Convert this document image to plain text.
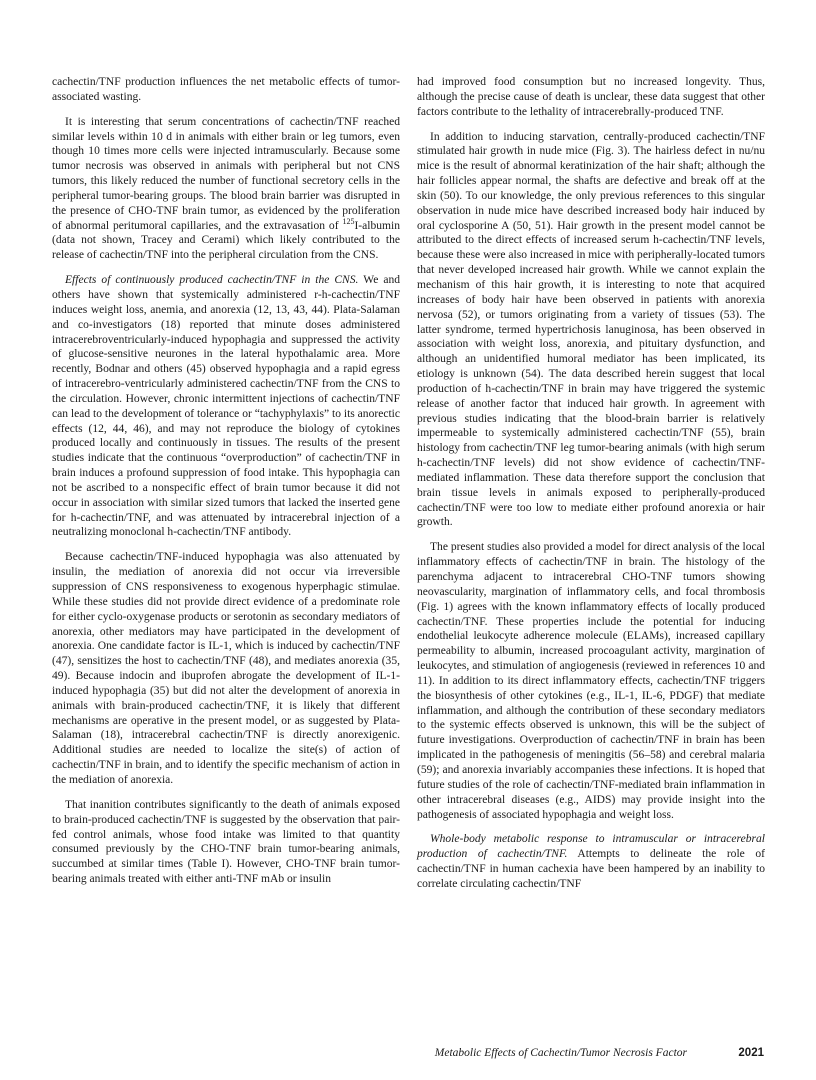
cachectin/TNF production influences the net metabolic effects of tumor-associated wasting.

It is interesting that serum concentrations of cachectin/TNF reached similar levels within 10 d in animals with either brain or leg tumors, even though 10 times more cells were injected intramuscularly. Because some tumor necrosis was observed in animals with peripheral but not CNS tumors, this likely reduced the number of functional secretory cells in the peripheral tumor-bearing groups. The blood brain barrier was disrupted in the presence of CHO-TNF brain tumor, as evidenced by the proliferation of abnormal peritumoral capillaries, and the extravasation of $^{125}$I-albumin (data not shown, Tracey and Cerami) which likely contributed to the release of cachectin/TNF into the peripheral circulation from the CNS.

Effects of continuously produced cachectin/TNF in the CNS. We and others have shown that systemically administered r-h-cachectin/TNF induces weight loss, anemia, and anorexia (12, 13, 43, 44). Plata-Salaman and co-investigators (18) reported that minute doses administered intracerebroventricularly-induced hypophagia and suppressed the activity of glucose-sensitive neurones in the lateral hypothalamic area. More recently, Bodnar and others (45) observed hypophagia and a rapid egress of intracerebro-ventricularly administered cachectin/TNF from the CNS to the circulation. However, chronic intermittent injections of cachectin/TNF can lead to the development of tolerance or “tachyphylaxis” to its anorectic effects (12, 44, 46), and may not reproduce the biology of cytokines produced locally and continuously in tissues. The results of the present studies indicate that the continuous “overproduction” of cachectin/TNF in brain induces a profound suppression of food intake. This hypophagia can not be ascribed to a nonspecific effect of brain tumor because it did not occur in association with similar sized tumors that lacked the inserted gene for h-cachectin/TNF, and was attenuated by intracerebral injection of a neutralizing monoclonal h-cachectin/TNF antibody.

Because cachectin/TNF-induced hypophagia was also attenuated by insulin, the mediation of anorexia did not occur via irreversible suppression of CNS responsiveness to exogenous hyperphagic stimulae. While these studies did not provide direct evidence of a predominate role for either cyclo-oxygenase products or serotonin as secondary mediators of anorexia, other mediators may have participated in the development of anorexia. One candidate factor is IL-1, which is induced by cachectin/TNF (47), sensitizes the host to cachectin/TNF (48), and mediates anorexia (35, 49). Because indocin and ibuprofen abrogate the development of IL-1-induced hypophagia (35) but did not alter the development of anorexia in animals with brain-produced cachectin/TNF, it is likely that different mechanisms are operative in the present model, or as suggested by Plata-Salaman (18), intracerebral cachectin/TNF is directly anorexigenic. Additional studies are needed to localize the site(s) of action of cachectin/TNF in brain, and to identify the specific mechanism of action in the mediation of anorexia.

That inanition contributes significantly to the death of animals exposed to brain-produced cachectin/TNF is suggested by the observation that pair-fed control animals, whose food intake was limited to that quantity consumed previously by the CHO-TNF brain tumor-bearing animals, succumbed at similar times (Table I). However, CHO-TNF brain tumor-bearing animals treated with either anti-TNF mAb or insulin

had improved food consumption but no increased longevity. Thus, although the precise cause of death is unclear, these data suggest that other factors contribute to the lethality of intracerebrally-produced TNF.

In addition to inducing starvation, centrally-produced cachectin/TNF stimulated hair growth in nude mice (Fig. 3). The hairless defect in nu/nu mice is the result of abnormal keratinization of the hair shaft; although the hair follicles appear normal, the shafts are defective and break off at the skin (50). To our knowledge, the only previous references to this singular observation in nude mice have described increased body hair induced by oral cyclosporine A (50, 51). Hair growth in the present model cannot be attributed to the direct effects of increased serum h-cachectin/TNF levels, because these were also increased in mice with peripherally-located tumors that never developed increased hair growth. While we cannot explain the mechanism of this hair growth, it is interesting to note that acquired increases of body hair have been observed in patients with anorexia nervosa (52), or tumors originating from a variety of tissues (53). The latter syndrome, termed hypertrichosis lanuginosa, has been observed in association with weight loss, anorexia, and pituitary dysfunction, and although an unidentified humoral mediator has been implicated, its etiology is unknown (54). The data described herein suggest that local production of h-cachectin/TNF in brain may have triggered the systemic release of another factor that induced hair growth. In agreement with previous studies indicating that the blood-brain barrier is relatively impermeable to systemically administered cachectin/TNF (55), brain histology from cachectin/TNF leg tumor-bearing animals (with high serum h-cachectin/TNF levels) did not show evidence of cachectin/TNF-mediated inflammation. These data therefore support the conclusion that brain tissue levels in animals exposed to peripherally-produced cachectin/TNF were too low to mediate either profound anorexia or hair growth.

The present studies also provided a model for direct analysis of the local inflammatory effects of cachectin/TNF in brain. The histology of the parenchyma adjacent to intracerebral CHO-TNF tumors showing neovascularity, margination of inflammatory cells, and focal thrombosis (Fig. 1) agrees with the known inflammatory effects of locally produced cachectin/TNF. These properties include the potential for inducing endothelial leukocyte adherence molecule (ELAMs), increased capillary permeability to albumin, increased procoagulant activity, margination of leukocytes, and stimulation of angiogenesis (reviewed in references 10 and 11). In addition to its direct inflammatory effects, cachectin/TNF triggers the biosynthesis of other cytokines (e.g., IL-1, IL-6, PDGF) that mediate inflammation, and although the contribution of these secondary mediators to the systemic effects observed is unknown, this will be the subject of future investigations. Overproduction of cachectin/TNF in brain has been implicated in the pathogenesis of meningitis (56–58) and cerebral malaria (59); and anorexia invariably accompanies these infections. It is hoped that future studies of the role of cachectin/TNF-mediated brain inflammation in other intracerebral diseases (e.g., AIDS) may provide insight into the pathogenesis of associated hypophagia and weight loss.

Whole-body metabolic response to intramuscular or intracerebral production of cachectin/TNF. Attempts to delineate the role of cachectin/TNF in human cachexia have been hampered by an inability to correlate circulating cachectin/TNF

Metabolic Effects of Cachectin/Tumor Necrosis Factor	2021
